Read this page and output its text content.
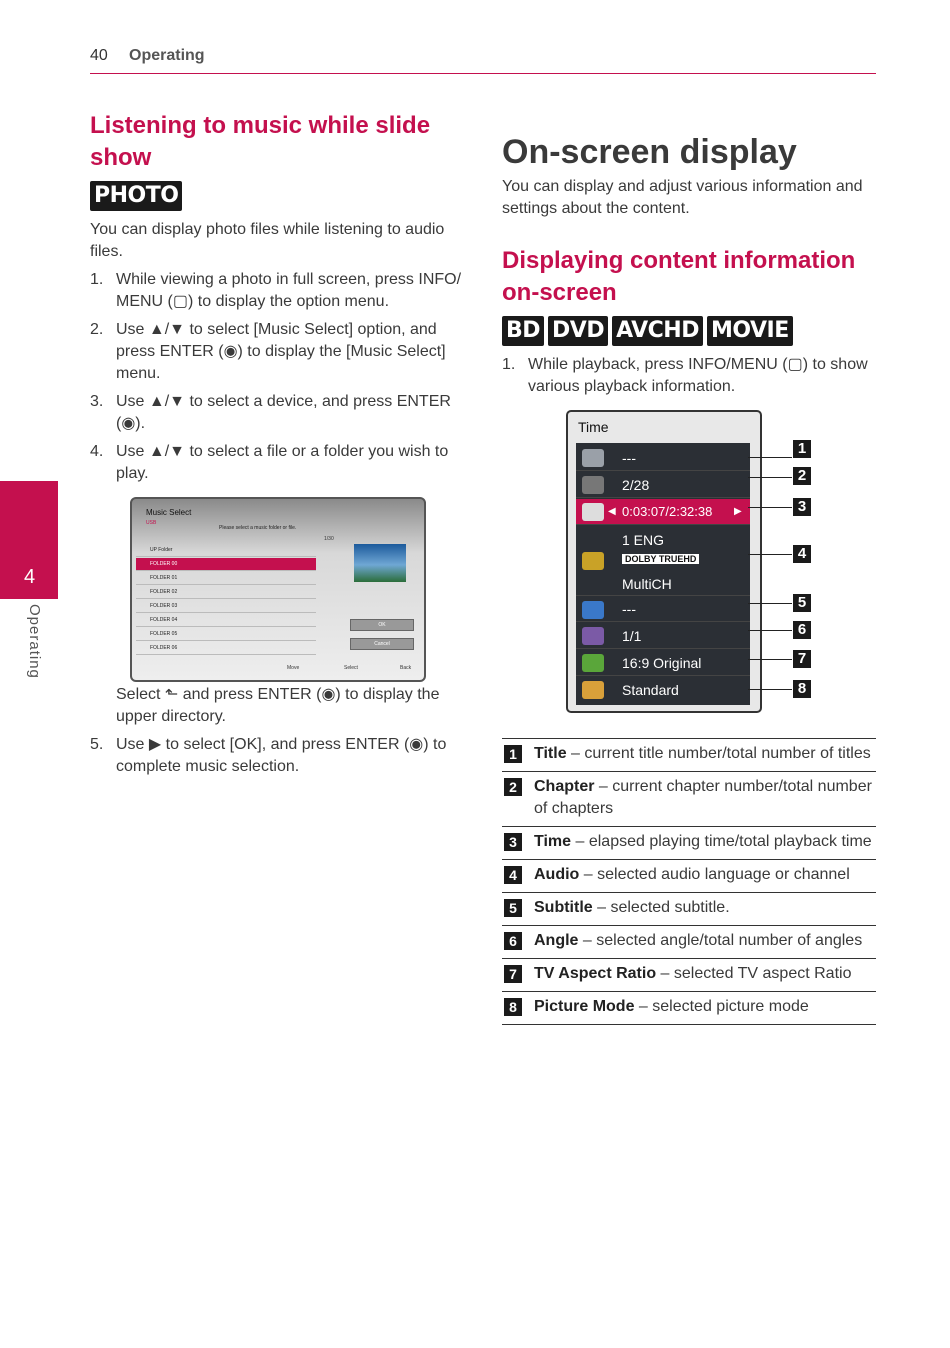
40 Operating
4
Operating
Listening to music while slide show
PHOTO
You can display photo files while listening to audio files.
1. While viewing a photo in full screen, press INFO/ MENU (▢) to display the option menu.
2. Use ▲/▼ to select [Music Select] option, and press ENTER (◉) to display the [Music Select] menu.
3. Use ▲/▼ to select a device, and press ENTER (◉).
4. Use ▲/▼ to select a file or a folder you wish to play.
Music Select
USB
Please select a music folder or file.
1/30
UP Folder
FOLDER 00
FOLDER 01
FOLDER 02
FOLDER 03
FOLDER 04
FOLDER 05
FOLDER 06
OK
Cancel
Move	Select	Back
Select ⬑ and press ENTER (◉) to display the upper directory.
5. Use ▶ to select [OK], and press ENTER (◉) to complete music selection.
On-screen display
You can display and adjust various information and settings about the content.
Displaying content information on-screen
BD DVD AVCHD MOVIE
1. While playback, press INFO/MENU (▢) to show various playback information.
Time
---
2/28
◀ 0:03:07/2:32:38 ▶
1 ENG
DOLBY TRUEHD
MultiCH
---
1/1
16:9 Original
Standard
1
2
3
4
5
6
7
8
1	Title – current title number/total number of titles
2	Chapter – current chapter number/total number of chapters
3	Time – elapsed playing time/total playback time
4	Audio – selected audio language or channel
5	Subtitle – selected subtitle.
6	Angle – selected angle/total number of angles
7	TV Aspect Ratio – selected TV aspect Ratio
8	Picture Mode – selected picture mode
